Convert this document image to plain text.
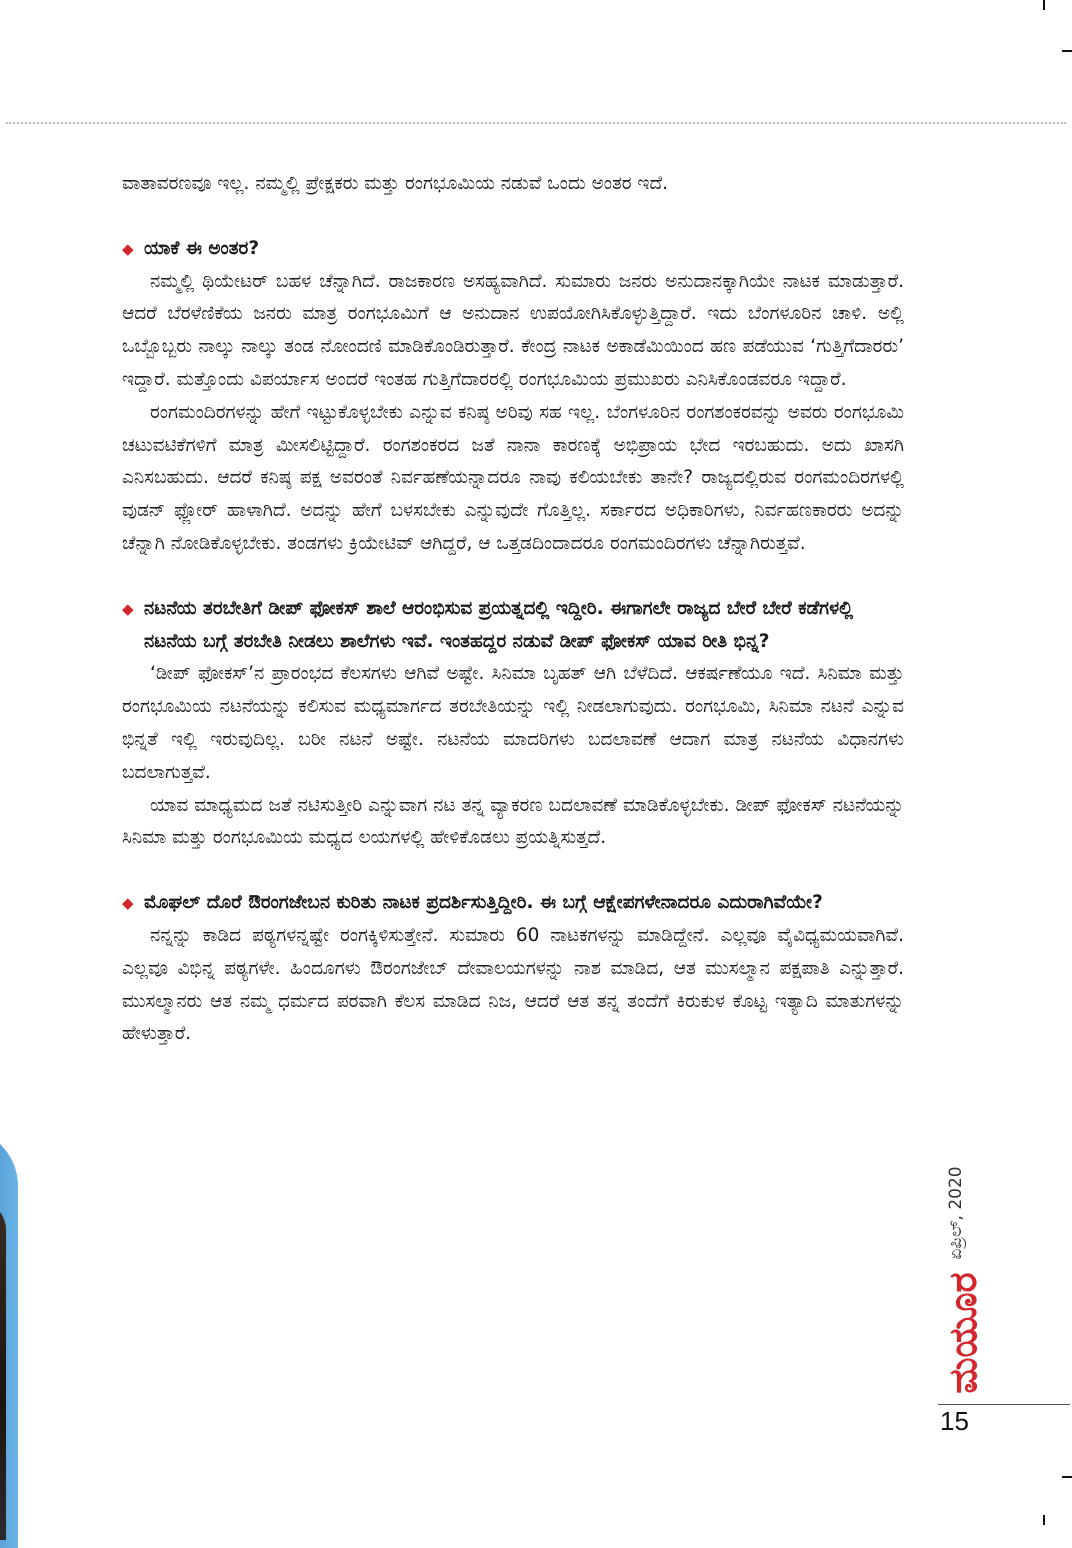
ವಾತಾವರಣವೂ ಇಲ್ಲ. ನಮ್ಮಲ್ಲಿ ಪ್ರೇಕ್ಷಕರು ಮತ್ತು ರಂಗಭೂಮಿಯ ನಡುವೆ ಒಂದು ಅಂತರ ಇದೆ.

◆ ಯಾಕೆ ಈ ಅಂತರ?

ನಮ್ಮಲ್ಲಿ ಥಿಯೇಟರ್ ಬಹಳ ಚೆನ್ನಾಗಿದೆ. ರಾಜಕಾರಣ ಅಸಹ್ಯವಾಗಿದೆ. ಸುಮಾರು ಜನರು ಅನುದಾನಕ್ಕಾಗಿಯೇ ನಾಟಕ ಮಾಡುತ್ತಾರೆ. ಆದರೆ ಬೆರಳೆಣಿಕೆಯ ಜನರು ಮಾತ್ರ ರಂಗಭೂಮಿಗೆ ಆ ಅನುದಾನ ಉಪಯೋಗಿಸಿಕೊಳ್ಳುತ್ತಿದ್ದಾರೆ. ಇದು ಬೆಂಗಳೂರಿನ ಚಾಳಿ. ಅಲ್ಲಿ ಒಬ್ಬೊಬ್ಬರು ನಾಲ್ಕು ನಾಲ್ಕು ತಂಡ ನೋಂದಣಿ ಮಾಡಿಕೊಂಡಿರುತ್ತಾರೆ. ಕೇಂದ್ರ ನಾಟಕ ಅಕಾಡೆಮಿಯಿಂದ ಹಣ ಪಡೆಯುವ ‘ಗುತ್ತಿಗೆದಾರರು’ ಇದ್ದಾರೆ. ಮತ್ತೊಂದು ವಿಪರ್ಯಾಸ ಅಂದರೆ ಇಂತಹ ಗುತ್ತಿಗೆದಾರರಲ್ಲಿ ರಂಗಭೂಮಿಯ ಪ್ರಮುಖರು ಎನಿಸಿಕೊಂಡವರೂ ಇದ್ದಾರೆ.

ರಂಗಮಂದಿರಗಳನ್ನು ಹೇಗೆ ಇಟ್ಟುಕೊಳ್ಳಬೇಕು ಎನ್ನುವ ಕನಿಷ್ಠ ಅರಿವು ಸಹ ಇಲ್ಲ. ಬೆಂಗಳೂರಿನ ರಂಗಶಂಕರವನ್ನು ಅವರು ರಂಗಭೂಮಿ ಚಟುವಟಿಕೆಗಳಿಗೆ ಮಾತ್ರ ಮೀಸಲಿಟ್ಟಿದ್ದಾರೆ. ರಂಗಶಂಕರದ ಜತೆ ನಾನಾ ಕಾರಣಕ್ಕೆ ಅಭಿಪ್ರಾಯ ಭೇದ ಇರಬಹುದು. ಅದು ಖಾಸಗಿ ಎನಿಸಬಹುದು. ಆದರೆ ಕನಿಷ್ಠ ಪಕ್ಷ ಅವರಂತೆ ನಿರ್ವಹಣೆಯನ್ನಾದರೂ ನಾವು ಕಲಿಯಬೇಕು ತಾನೇ? ರಾಜ್ಯದಲ್ಲಿರುವ ರಂಗಮಂದಿರಗಳಲ್ಲಿ ವುಡನ್ ಫ್ಲೋರ್ ಹಾಳಾಗಿದೆ. ಅದನ್ನು ಹೇಗೆ ಬಳಸಬೇಕು ಎನ್ನುವುದೇ ಗೊತ್ತಿಲ್ಲ. ಸರ್ಕಾರದ ಅಧಿಕಾರಿಗಳು, ನಿರ್ವಹಣಕಾರರು ಅದನ್ನು ಚೆನ್ನಾಗಿ ನೋಡಿಕೊಳ್ಳಬೇಕು. ತಂಡಗಳು ಕ್ರಿಯೇಟಿವ್ ಆಗಿದ್ದರೆ, ಆ ಒತ್ತಡದಿಂದಾದರೂ ರಂಗಮಂದಿರಗಳು ಚೆನ್ನಾಗಿರುತ್ತವೆ.

◆ ನಟನೆಯ ತರಬೇತಿಗೆ ಡೀಪ್ ಫೋಕಸ್ ಶಾಲೆ ಆರಂಭಿಸುವ ಪ್ರಯತ್ನದಲ್ಲಿ ಇದ್ದೀರಿ. ಈಗಾಗಲೇ ರಾಜ್ಯದ ಬೇರೆ ಬೇರೆ ಕಡೆಗಳಲ್ಲಿ ನಟನೆಯ ಬಗ್ಗೆ ತರಬೇತಿ ನೀಡಲು ಶಾಲೆಗಳು ಇವೆ. ಇಂತಹದ್ದರ ನಡುವೆ ಡೀಪ್ ಫೋಕಸ್ ಯಾವ ರೀತಿ ಭಿನ್ನ?

‘ಡೀಪ್ ಫೋಕಸ್’ನ ಪ್ರಾರಂಭದ ಕೆಲಸಗಳು ಆಗಿವೆ ಅಷ್ಟೇ. ಸಿನಿಮಾ ಬೃಹತ್ ಆಗಿ ಬೆಳೆದಿದೆ. ಆಕರ್ಷಣೆಯೂ ಇದೆ. ಸಿನಿಮಾ ಮತ್ತು ರಂಗಭೂಮಿಯ ನಟನೆಯನ್ನು ಕಲಿಸುವ ಮಧ್ಯಮಾರ್ಗದ ತರಬೇತಿಯನ್ನು ಇಲ್ಲಿ ನೀಡಲಾಗುವುದು. ರಂಗಭೂಮಿ, ಸಿನಿಮಾ ನಟನೆ ಎನ್ನುವ ಭಿನ್ನತೆ ಇಲ್ಲಿ ಇರುವುದಿಲ್ಲ. ಬರೀ ನಟನೆ ಅಷ್ಟೇ. ನಟನೆಯ ಮಾದರಿಗಳು ಬದಲಾವಣೆ ಆದಾಗ ಮಾತ್ರ ನಟನೆಯ ವಿಧಾನಗಳು ಬದಲಾಗುತ್ತವೆ.

ಯಾವ ಮಾಧ್ಯಮದ ಜತೆ ನಟಿಸುತ್ತೀರಿ ಎನ್ನುವಾಗ ನಟ ತನ್ನ ವ್ಯಾಕರಣ ಬದಲಾವಣೆ ಮಾಡಿಕೊಳ್ಳಬೇಕು. ಡೀಪ್ ಫೋಕಸ್ ನಟನೆಯನ್ನು ಸಿನಿಮಾ ಮತ್ತು ರಂಗಭೂಮಿಯ ಮಧ್ಯದ ಲಯಗಳಲ್ಲಿ ಹೇಳಿಕೊಡಲು ಪ್ರಯತ್ನಿಸುತ್ತದೆ.

◆ ಮೊಘಲ್ ದೊರೆ ಔರಂಗಜೇಬನ ಕುರಿತು ನಾಟಕ ಪ್ರದರ್ಶಿಸುತ್ತಿದ್ದೀರಿ. ಈ ಬಗ್ಗೆ ಆಕ್ಷೇಪಗಳೇನಾದರೂ ಎದುರಾಗಿವೆಯೇ?

ನನ್ನನ್ನು ಕಾಡಿದ ಪಠ್ಯಗಳನ್ನಷ್ಟೇ ರಂಗಕ್ಕಿಳಿಸುತ್ತೇನೆ. ಸುಮಾರು 60 ನಾಟಕಗಳನ್ನು ಮಾಡಿದ್ದೇನೆ. ಎಲ್ಲವೂ ವೈವಿಧ್ಯಮಯವಾಗಿವೆ. ಎಲ್ಲವೂ ವಿಭಿನ್ನ ಪಠ್ಯಗಳೇ. ಹಿಂದೂಗಳು ಔರಂಗಜೇಬ್ ದೇವಾಲಯಗಳನ್ನು ನಾಶ ಮಾಡಿದ, ಆತ ಮುಸಲ್ಮಾನ ಪಕ್ಷಪಾತಿ ಎನ್ನುತ್ತಾರೆ. ಮುಸಲ್ಮಾನರು ಆತ ನಮ್ಮ ಧರ್ಮದ ಪರವಾಗಿ ಕೆಲಸ ಮಾಡಿದ ನಿಜ, ಆದರೆ ಆತ ತನ್ನ ತಂದೆಗೆ ಕಿರುಕುಳ ಕೊಟ್ಟ ಇತ್ಯಾದಿ ಮಾತುಗಳನ್ನು ಹೇಳುತ್ತಾರೆ.

ಏಪ್ರಿಲ್, 2020
ಮಯೂರ
15
